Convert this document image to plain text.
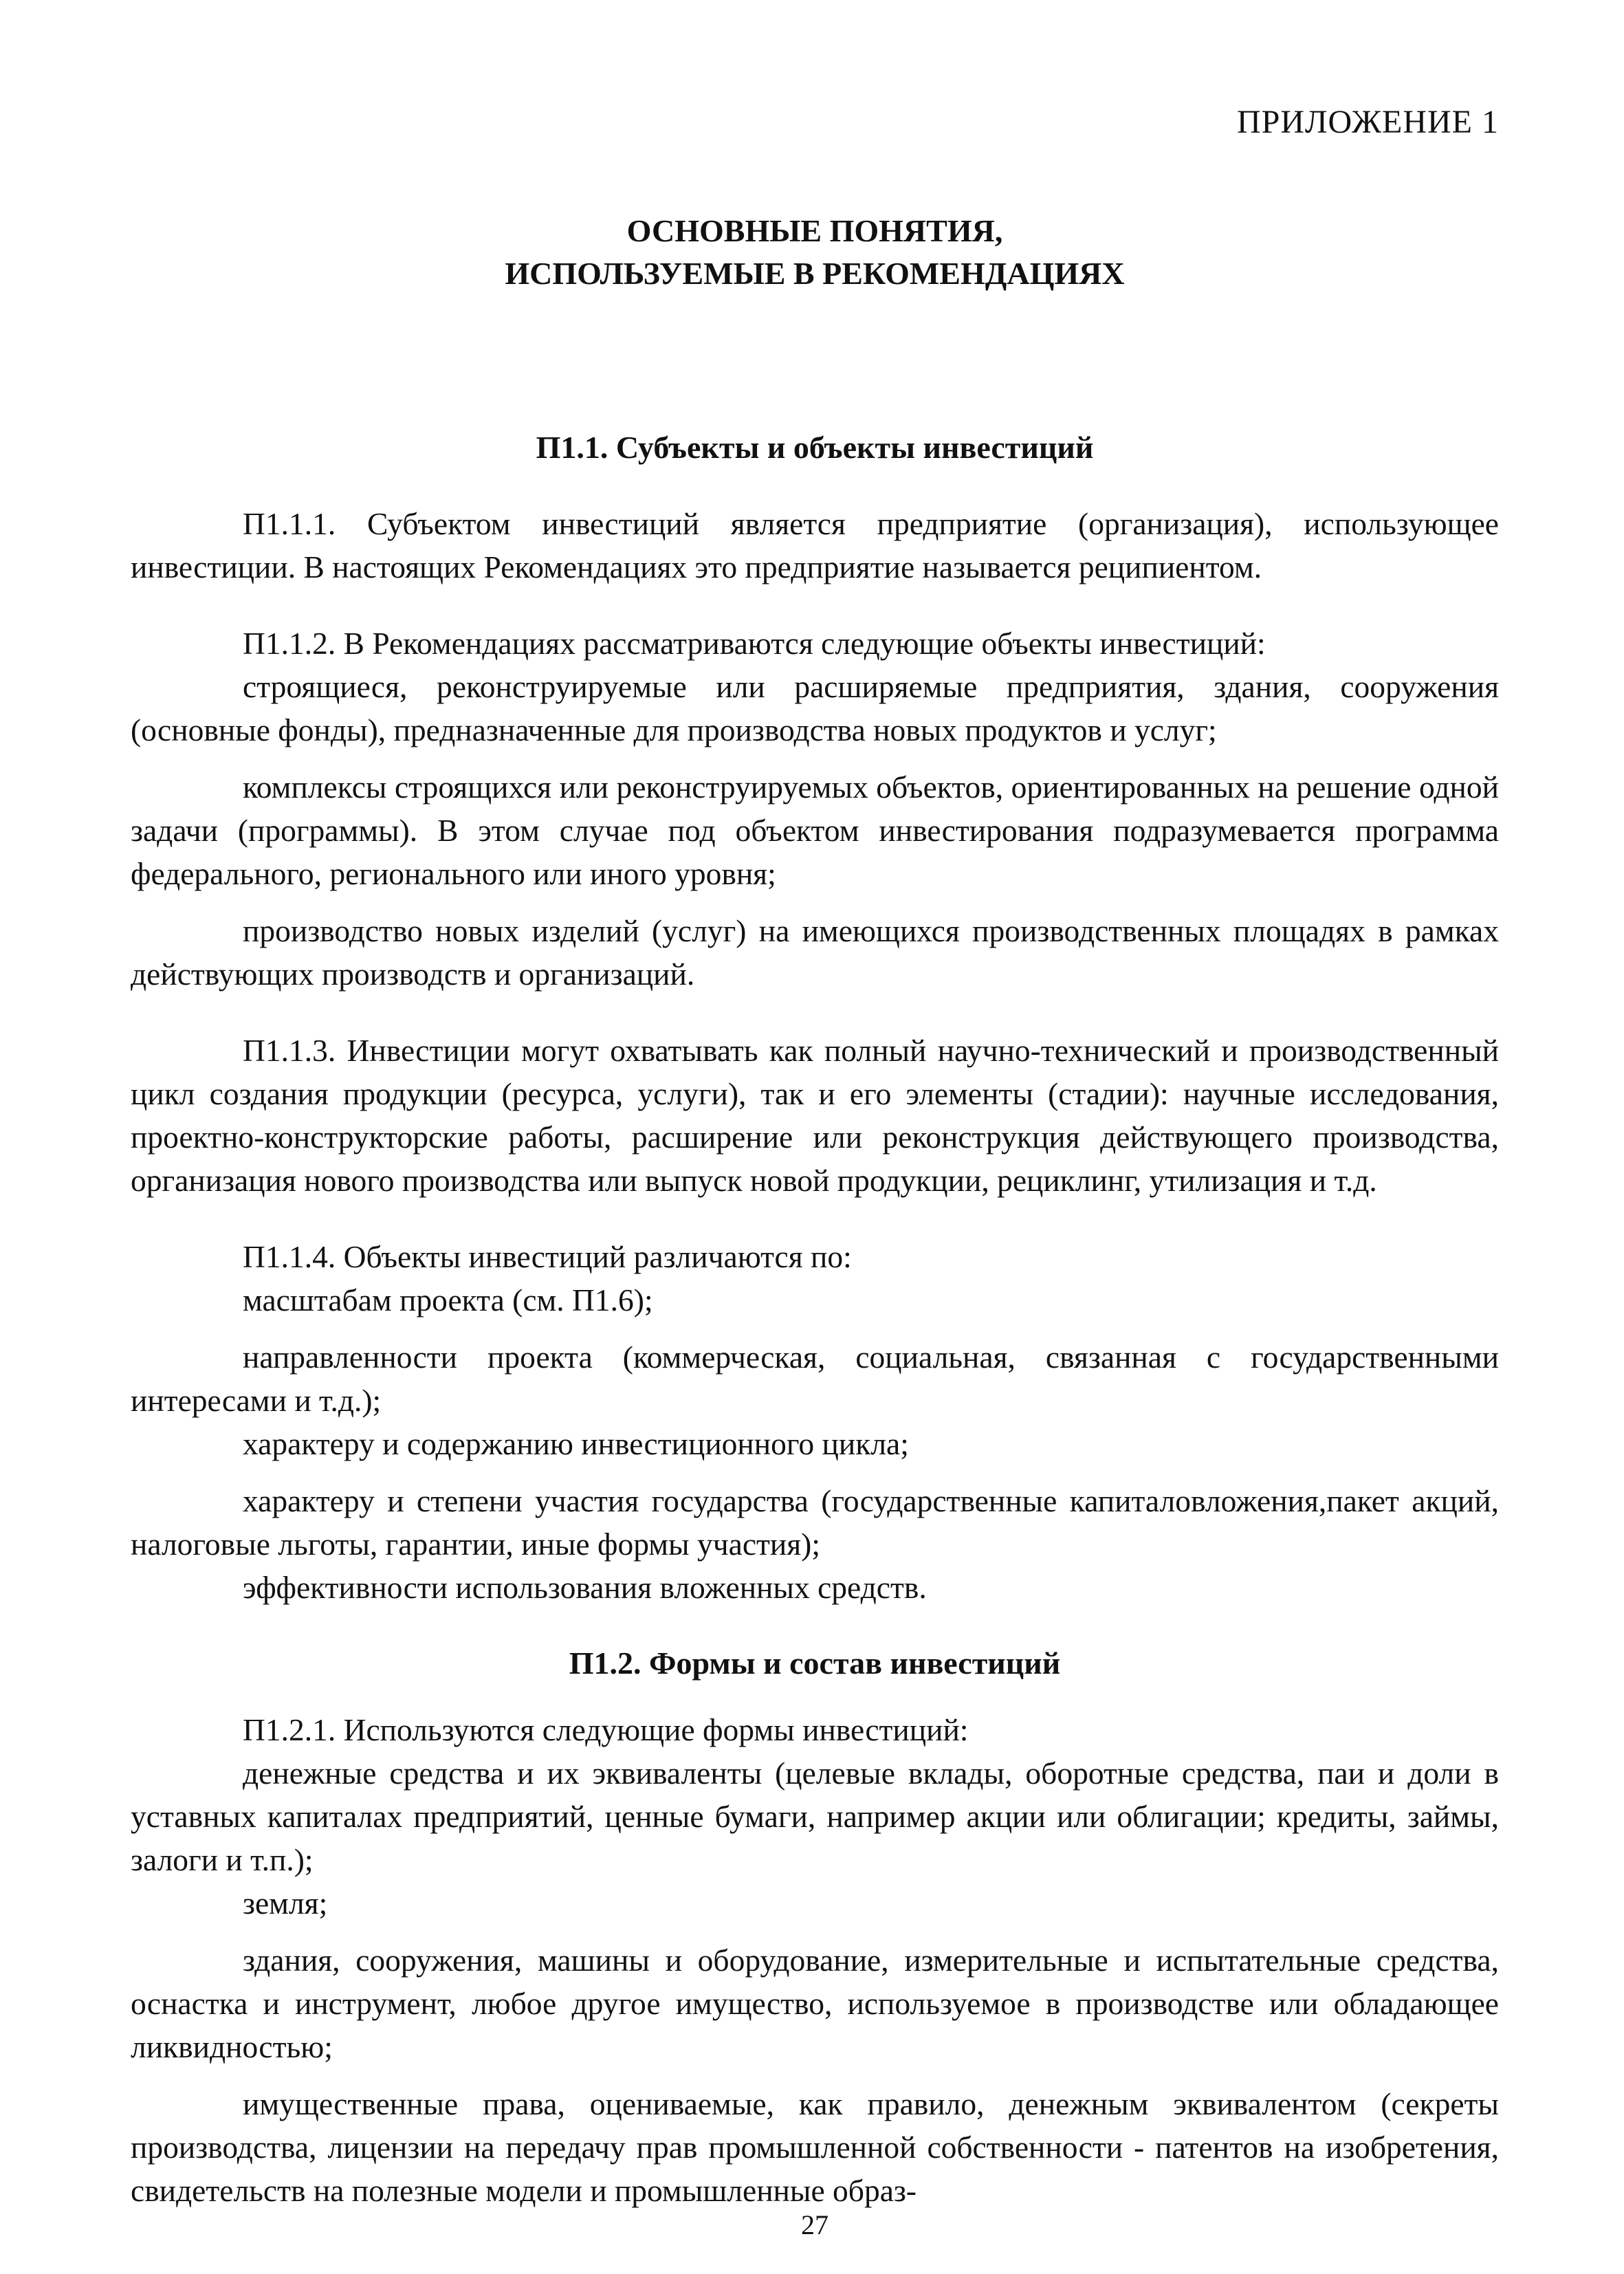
ПРИЛОЖЕНИЕ 1
ОСНОВНЫЕ ПОНЯТИЯ,
ИСПОЛЬЗУЕМЫЕ В РЕКОМЕНДАЦИЯХ
П1.1. Субъекты и объекты инвестиций

П1.1.1. Субъектом инвестиций является предприятие (организация), использующее инвестиции. В настоящих Рекомендациях это предприятие называется реципиентом.

П1.1.2. В Рекомендациях рассматриваются следующие объекты инвестиций:

строящиеся, реконструируемые или расширяемые предприятия, здания, сооружения (основные фонды), предназначенные для производства новых продуктов и услуг;

комплексы строящихся или реконструируемых объектов, ориентированных на решение одной задачи (программы). В этом случае под объектом инвестирования подразумевается программа федерального, регионального или иного уровня;

производство новых изделий (услуг) на имеющихся производственных площадях в рамках действующих производств и организаций.

П1.1.3. Инвестиции могут охватывать как полный научно-технический и производственный цикл создания продукции (ресурса, услуги), так и его элементы (стадии): научные исследования, проектно-конструкторские работы, расширение или реконструкция действующего производства, организация нового производства или выпуск новой продукции, рециклинг, утилизация и т.д.

П1.1.4. Объекты инвестиций различаются по:

масштабам проекта (см. П1.6);

направленности проекта (коммерческая, социальная, связанная с государственными интересами и т.д.);

характеру и содержанию инвестиционного цикла;

характеру и степени участия государства (государственные капиталовложения,пакет акций, налоговые льготы, гарантии, иные формы участия);

эффективности использования вложенных средств.

П1.2. Формы и состав инвестиций

П1.2.1. Используются следующие формы инвестиций:

денежные средства и их эквиваленты (целевые вклады, оборотные средства, паи и доли в уставных капиталах предприятий, ценные бумаги, например акции или облигации; кредиты, займы, залоги и т.п.);

земля;

здания, сооружения, машины и оборудование, измерительные и испытательные средства, оснастка и инструмент, любое другое имущество, используемое в производстве или обладающее ликвидностью;

имущественные права, оцениваемые, как правило, денежным эквивалентом (секреты производства, лицензии на передачу прав промышленной собственности - патентов на изобретения, свидетельств на полезные модели и промышленные образ-

27
